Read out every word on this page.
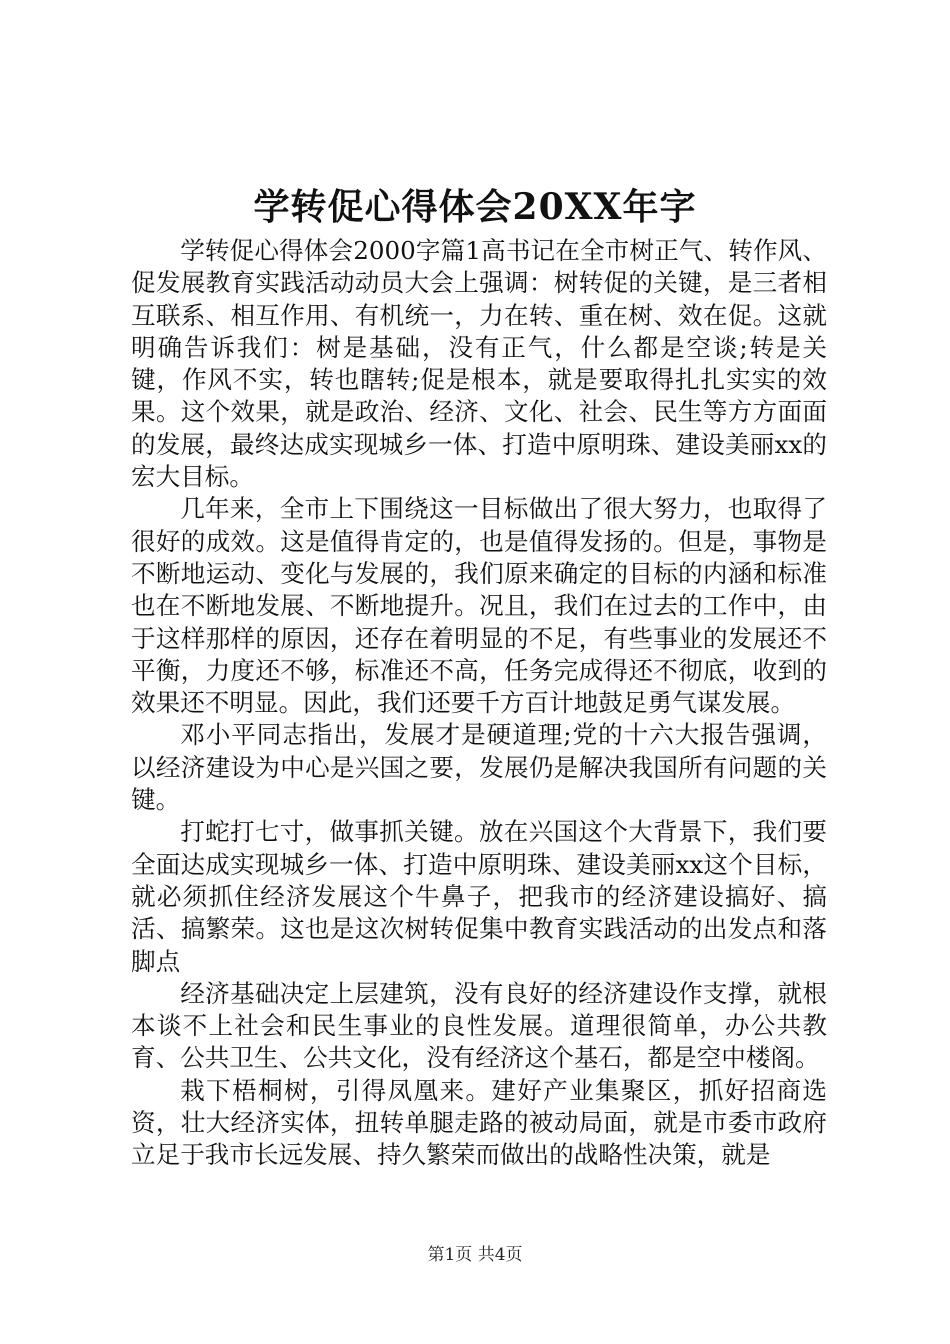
学转促心得体会20XX年字

学转促心得体会2000字篇1高书记在全市树正气、转作风、促发展教育实践活动动员大会上强调：树转促的关键，是三者相互联系、相互作用、有机统一，力在转、重在树、效在促。这就明确告诉我们：树是基础，没有正气，什么都是空谈;转是关键，作风不实，转也瞎转;促是根本，就是要取得扎扎实实的效果。这个效果，就是政治、经济、文化、社会、民生等方方面面的发展，最终达成实现城乡一体、打造中原明珠、建设美丽xx的宏大目标。

几年来，全市上下围绕这一目标做出了很大努力，也取得了很好的成效。这是值得肯定的，也是值得发扬的。但是，事物是不断地运动、变化与发展的，我们原来确定的目标的内涵和标准也在不断地发展、不断地提升。况且，我们在过去的工作中，由于这样那样的原因，还存在着明显的不足，有些事业的发展还不平衡，力度还不够，标准还不高，任务完成得还不彻底，收到的效果还不明显。因此，我们还要千方百计地鼓足勇气谋发展。

邓小平同志指出，发展才是硬道理;党的十六大报告强调，以经济建设为中心是兴国之要，发展仍是解决我国所有问题的关键。

打蛇打七寸，做事抓关键。放在兴国这个大背景下，我们要全面达成实现城乡一体、打造中原明珠、建设美丽xx这个目标，就必须抓住经济发展这个牛鼻子，把我市的经济建设搞好、搞活、搞繁荣。这也是这次树转促集中教育实践活动的出发点和落脚点

经济基础决定上层建筑，没有良好的经济建设作支撑，就根本谈不上社会和民生事业的良性发展。道理很简单，办公共教育、公共卫生、公共文化，没有经济这个基石，都是空中楼阁。

栽下梧桐树，引得凤凰来。建好产业集聚区，抓好招商选资，壮大经济实体，扭转单腿走路的被动局面，就是市委市政府立足于我市长远发展、持久繁荣而做出的战略性决策，就是

第1页 共4页
